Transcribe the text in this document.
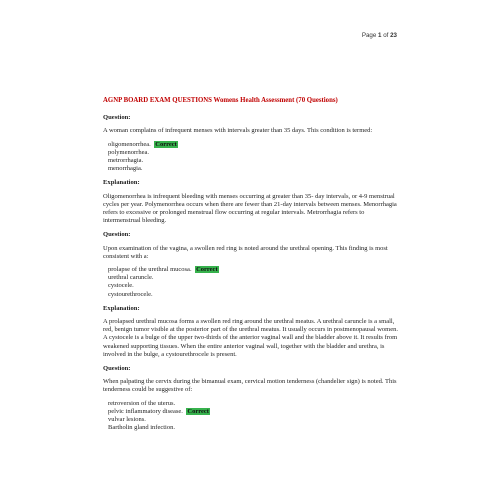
Page 1 of 23
AGNP BOARD EXAM QUESTIONS Womens Health Assessment (70 Questions)
Question:
A woman complains of infrequent menses with intervals greater than 35 days. This condition is termed:
oligomenorrhea. Correct
polymenorrhea.
metrorrhagia.
menorrhagia.
Explanation:
Oligomenorrhea is infrequent bleeding with menses occurring at greater than 35- day intervals, or 4-9 menstrual cycles per year. Polymenorrhea occurs when there are fewer than 21-day intervals between menses. Menorrhagia refers to excessive or prolonged menstrual flow occurring at regular intervals. Metrorrhagia refers to intermenstrual bleeding.
Question:
Upon examination of the vagina, a swollen red ring is noted around the urethral opening. This finding is most consistent with a:
prolapse of the urethral mucosa. Correct
urethral caruncle.
cystocele.
cystourethrocele.
Explanation:
A prolapsed urethral mucosa forms a swollen red ring around the urethral meatus. A urethral caruncle is a small, red, benign tumor visible at the posterior part of the urethral meatus. It usually occurs in postmenopausal women. A cystocele is a bulge of the upper two-thirds of the anterior vaginal wall and the bladder above it. It results from weakened supporting tissues. When the entire anterior vaginal wall, together with the bladder and urethra, is involved in the bulge, a cystourethrocele is present.
Question:
When palpating the cervix during the bimanual exam, cervical motion tenderness (chandelier sign) is noted. This tenderness could be suggestive of:
retroversion of the uterus.
pelvic inflammatory disease. Correct
vulvar lesions.
Bartholin gland infection.
